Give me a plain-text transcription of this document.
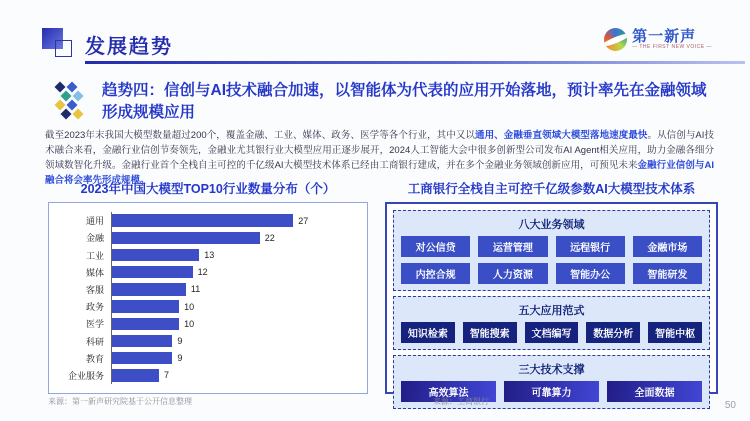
发展趋势	第一新声
— THE FIRST NEW VOICE —
趋势四：信创与AI技术融合加速，以智能体为代表的应用开始落地，预计率先在金融领域形成规模应用
截至2023年末我国大模型数量超过200个，覆盖金融、工业、媒体、政务、医学等各个行业，其中又以通用、金融垂直领域大模型落地速度最快。从信创与AI技术融合来看，金融行业信创节奏领先，金融业尤其银行业大模型应用正逐步展开，2024人工智能大会中很多创新型公司发布AI Agent相关应用，助力金融各细分领域数智化升级。金融行业首个全栈自主可控的千亿级AI大模型技术体系已经由工商银行建成，并在多个金融业务领域创新应用，可预见未来金融行业信创与AI融合将会率先形成规模。
2023年中国大模型TOP10行业数量分布（个）
通用	27
金融	22
工业	13
媒体	12
客服	11
政务	10
医学	10
科研	9
教育	9
企业服务	7
工商银行全栈自主可控千亿级参数AI大模型技术体系
八大业务领域
对公信贷	运营管理	远程银行	金融市场
内控合规	人力资源	智能办公	智能研发
五大应用范式
知识检索	智能搜索	文档编写	数据分析	智能中枢
三大技术支撑
高效算法	可靠算力	全面数据
来源：第一新声研究院基于公开信息整理	来源：工商银行	50
